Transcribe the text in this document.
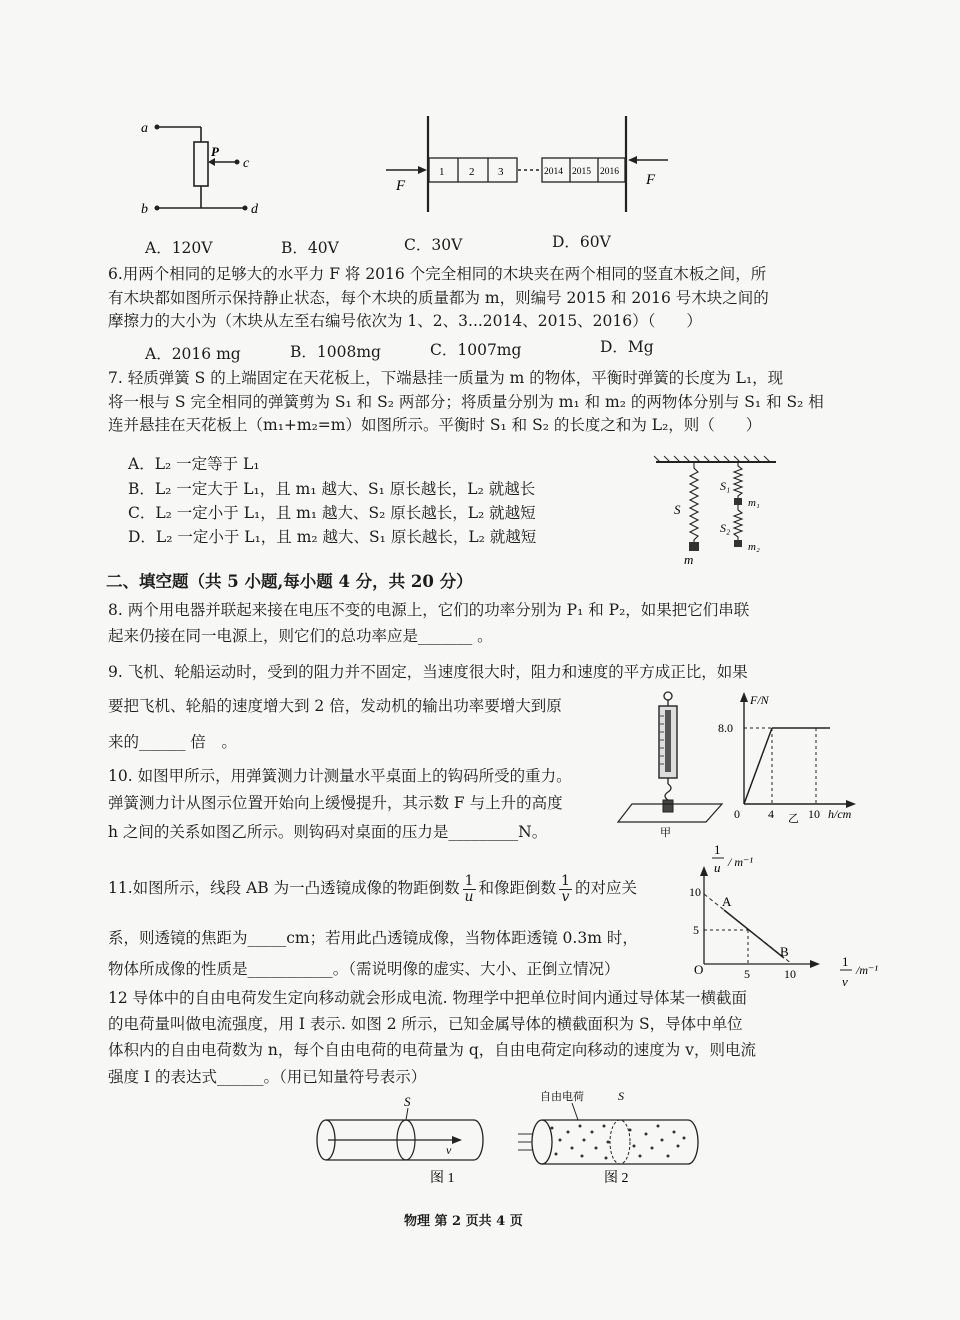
a
P
c
b	d
F	F
1 2 3	2014 2015 2016
A．120V	B．40V	C．30V	D．60V
6.用两个相同的足够大的水平力 F 将 2016 个完全相同的木块夹在两个相同的竖直木板之间，所
有木块都如图所示保持静止状态，每个木块的质量都为 m，则编号 2015 和 2016 号木块之间的
摩擦力的大小为（木块从左至右编号依次为 1、2、3...2014、2015、2016）（　　）
A．2016 mg	B．1008mg	C．1007mg	D．Mg
7. 轻质弹簧 S 的上端固定在天花板上，下端悬挂一质量为 m 的物体，平衡时弹簧的长度为 L₁，现
将一根与 S 完全相同的弹簧剪为 S₁ 和 S₂ 两部分；将质量分别为 m₁ 和 m₂ 的两物体分别与 S₁ 和 S₂ 相
连并悬挂在天花板上（m₁+m₂=m）如图所示。平衡时 S₁ 和 S₂ 的长度之和为 L₂，则（　　）
A．L₂ 一定等于 L₁
B．L₂ 一定大于 L₁，且 m₁ 越大、S₁ 原长越长，L₂ 就越长
C．L₂ 一定小于 L₁，且 m₁ 越大、S₂ 原长越长，L₂ 就越短
D．L₂ 一定小于 L₁，且 m₂ 越大、S₁ 原长越长，L₂ 就越短
S
m
S₁
m₁
S₂
m₂
二、填空题（共 5 小题,每小题 4 分，共 20 分）
8. 两个用电器并联起来接在电压不变的电源上，它们的功率分别为 P₁ 和 P₂，如果把它们串联
起来仍接在同一电源上，则它们的总功率应是_______ 。
9. 飞机、轮船运动时，受到的阻力并不固定，当速度很大时，阻力和速度的平方成正比，如果
要把飞机、轮船的速度增大到 2 倍，发动机的输出功率要增大到原
来的______ 倍　。
10. 如图甲所示，用弹簧测力计测量水平桌面上的钩码所受的重力。
弹簧测力计从图示位置开始向上缓慢提升，其示数 F 与上升的高度
h 之间的关系如图乙所示。则钩码对桌面的压力是_________N。	甲
F/N
8.0
0 4	10 h/cm
乙
11.如图所示，线段 AB 为一凸透镜成像的物距倒数 $\frac{1}{u}$ 和像距倒数 $\frac{1}{v}$ 的对应关
系，则透镜的焦距为_____cm；若用此凸透镜成像，当物体距透镜 0.3m 时，
物体所成像的性质是___________。（需说明像的虚实、大小、正倒立情况）
1
u / m⁻¹
10
5
A
B
O	5	10
1
v
/m⁻¹
12 导体中的自由电荷发生定向移动就会形成电流. 物理学中把单位时间内通过导体某一横截面
的电荷量叫做电流强度，用 I 表示. 如图 2 所示，已知金属导体的横截面积为 S，导体中单位
体积内的自由电荷数为 n，每个自由电荷的电荷量为 q，自由电荷定向移动的速度为 v，则电流
强度 I 的表达式______。（用已知量符号表示）
S
v
图 1
自由电荷	S
图 2
物理 第 2 页共 4 页
